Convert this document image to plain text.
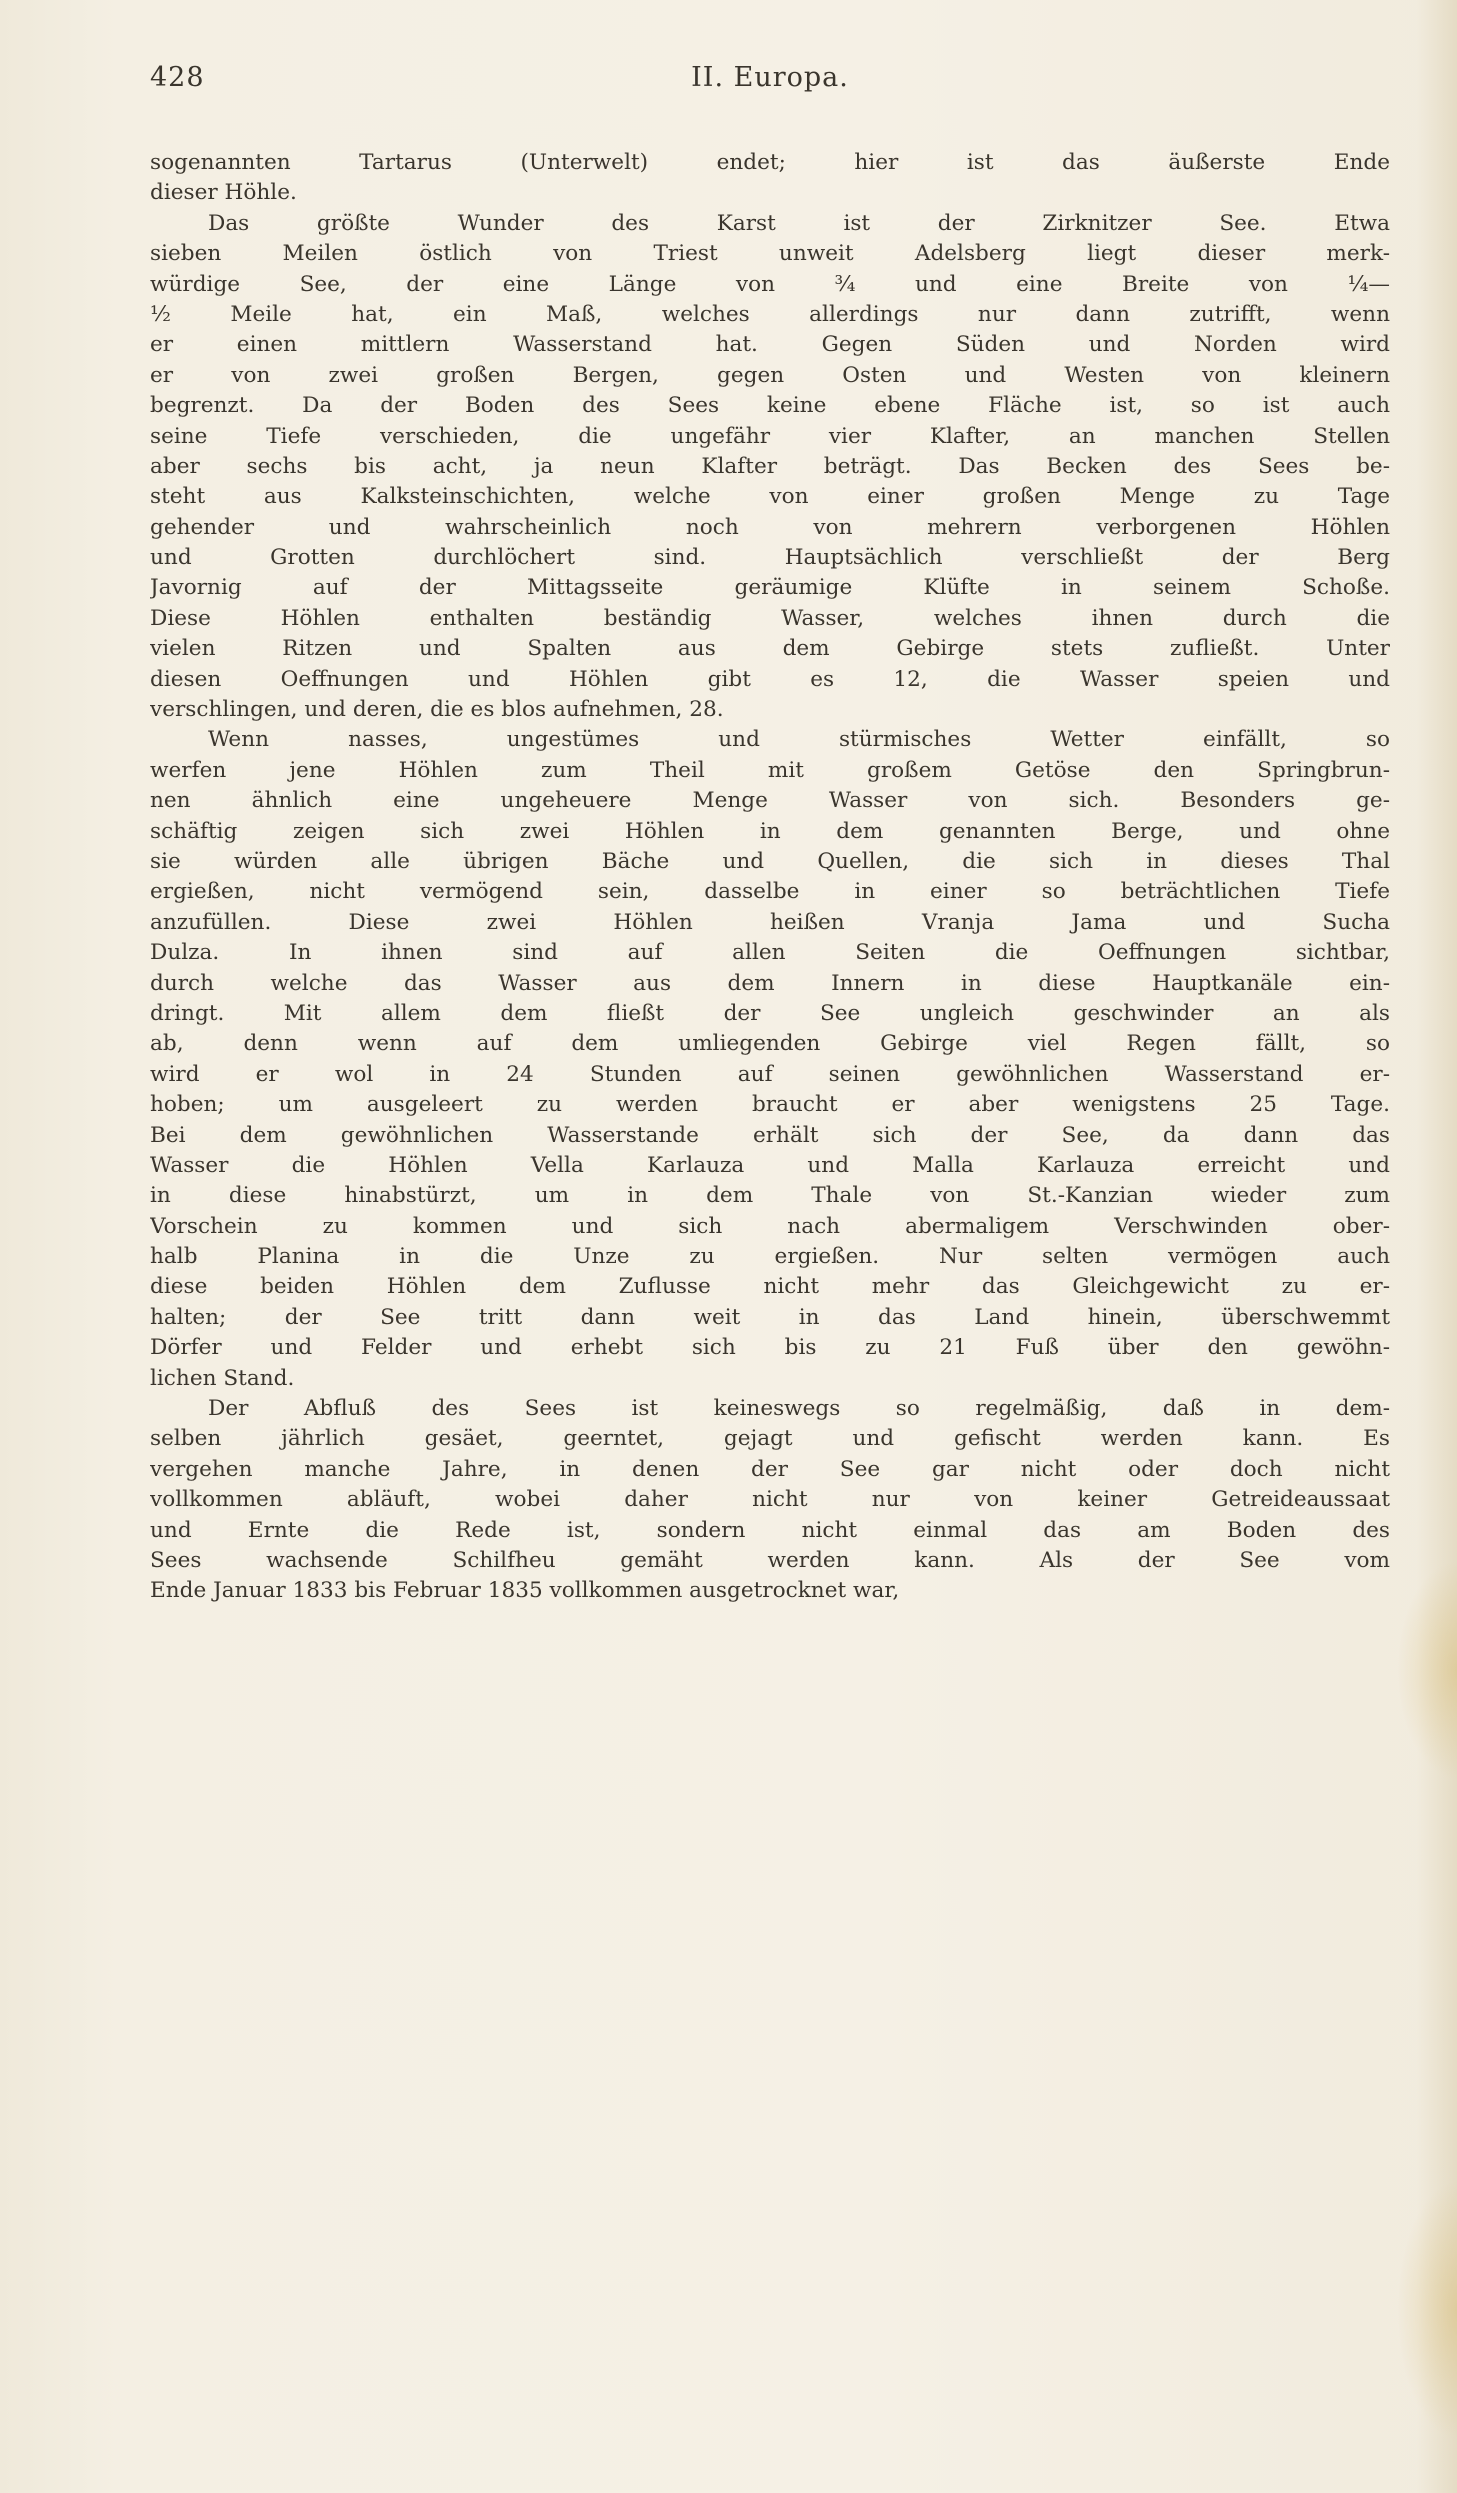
428	II. Europa.
sogenannten Tartarus (Unterwelt) endet; hier ist das äußerste Ende
dieser Höhle.
Das größte Wunder des Karst ist der Zirknitzer See. Etwa
sieben Meilen östlich von Triest unweit Adelsberg liegt dieser merk-
würdige See, der eine Länge von ¾ und eine Breite von ¼—
½ Meile hat, ein Maß, welches allerdings nur dann zutrifft, wenn
er einen mittlern Wasserstand hat. Gegen Süden und Norden wird
er von zwei großen Bergen, gegen Osten und Westen von kleinern
begrenzt. Da der Boden des Sees keine ebene Fläche ist, so ist auch
seine Tiefe verschieden, die ungefähr vier Klafter, an manchen Stellen
aber sechs bis acht, ja neun Klafter beträgt. Das Becken des Sees be-
steht aus Kalksteinschichten, welche von einer großen Menge zu Tage
gehender und wahrscheinlich noch von mehrern verborgenen Höhlen
und Grotten durchlöchert sind. Hauptsächlich verschließt der Berg
Javornig auf der Mittagsseite geräumige Klüfte in seinem Schoße.
Diese Höhlen enthalten beständig Wasser, welches ihnen durch die
vielen Ritzen und Spalten aus dem Gebirge stets zufließt. Unter
diesen Oeffnungen und Höhlen gibt es 12, die Wasser speien und
verschlingen, und deren, die es blos aufnehmen, 28.
Wenn nasses, ungestümes und stürmisches Wetter einfällt, so
werfen jene Höhlen zum Theil mit großem Getöse den Springbrun-
nen ähnlich eine ungeheuere Menge Wasser von sich. Besonders ge-
schäftig zeigen sich zwei Höhlen in dem genannten Berge, und ohne
sie würden alle übrigen Bäche und Quellen, die sich in dieses Thal
ergießen, nicht vermögend sein, dasselbe in einer so beträchtlichen Tiefe
anzufüllen. Diese zwei Höhlen heißen Vranja Jama und Sucha
Dulza. In ihnen sind auf allen Seiten die Oeffnungen sichtbar,
durch welche das Wasser aus dem Innern in diese Hauptkanäle ein-
dringt. Mit allem dem fließt der See ungleich geschwinder an als
ab, denn wenn auf dem umliegenden Gebirge viel Regen fällt, so
wird er wol in 24 Stunden auf seinen gewöhnlichen Wasserstand er-
hoben; um ausgeleert zu werden braucht er aber wenigstens 25 Tage.
Bei dem gewöhnlichen Wasserstande erhält sich der See, da dann das
Wasser die Höhlen Vella Karlauza und Malla Karlauza erreicht und
in diese hinabstürzt, um in dem Thale von St.-Kanzian wieder zum
Vorschein zu kommen und sich nach abermaligem Verschwinden ober-
halb Planina in die Unze zu ergießen. Nur selten vermögen auch
diese beiden Höhlen dem Zuflusse nicht mehr das Gleichgewicht zu er-
halten; der See tritt dann weit in das Land hinein, überschwemmt
Dörfer und Felder und erhebt sich bis zu 21 Fuß über den gewöhn-
lichen Stand.
Der Abfluß des Sees ist keineswegs so regelmäßig, daß in dem-
selben jährlich gesäet, geerntet, gejagt und gefischt werden kann. Es
vergehen manche Jahre, in denen der See gar nicht oder doch nicht
vollkommen abläuft, wobei daher nicht nur von keiner Getreideaussaat
und Ernte die Rede ist, sondern nicht einmal das am Boden des
Sees wachsende Schilfheu gemäht werden kann. Als der See vom
Ende Januar 1833 bis Februar 1835 vollkommen ausgetrocknet war,
